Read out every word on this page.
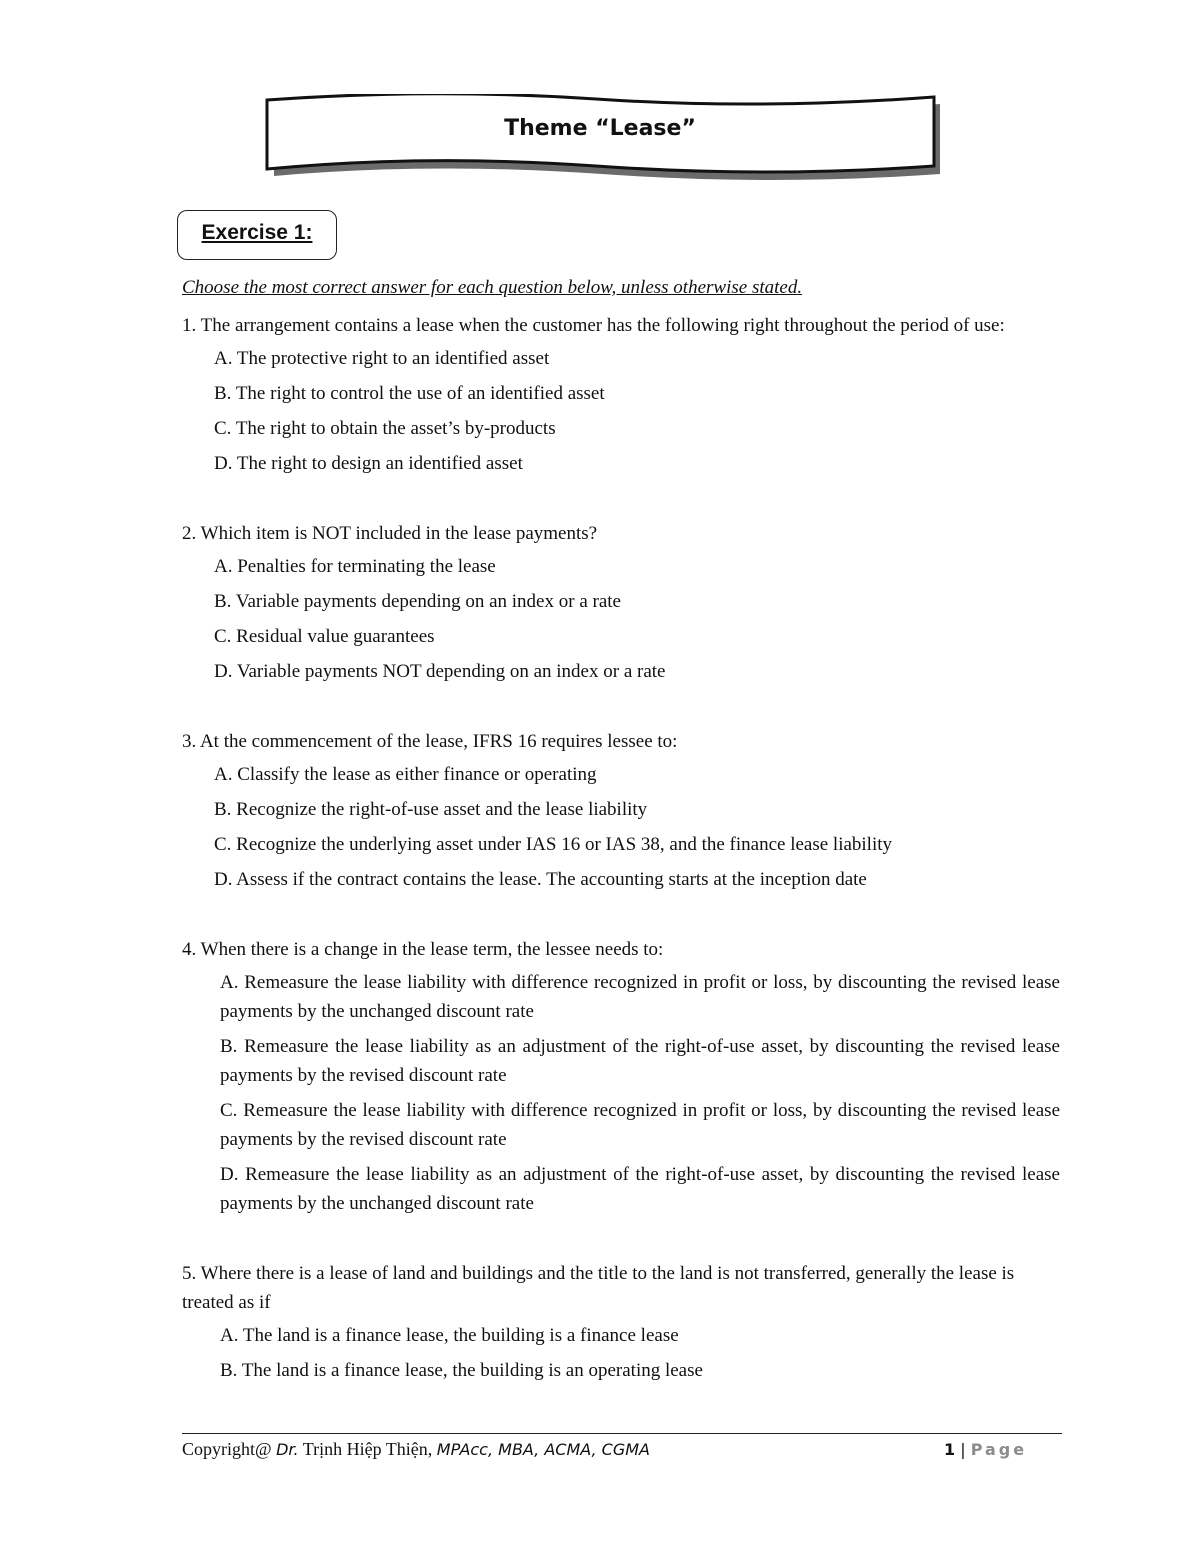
Theme “Lease”
Exercise 1:
Choose the most correct answer for each question below, unless otherwise stated.
1. The arrangement contains a lease when the customer has the following right throughout the period of use:
A. The protective right to an identified asset
B. The right to control the use of an identified asset
C. The right to obtain the asset’s by-products
D. The right to design an identified asset
2. Which item is NOT included in the lease payments?
A. Penalties for terminating the lease
B. Variable payments depending on an index or a rate
C. Residual value guarantees
D. Variable payments NOT depending on an index or a rate
3. At the commencement of the lease, IFRS 16 requires lessee to:
A. Classify the lease as either finance or operating
B. Recognize the right-of-use asset and the lease liability
C. Recognize the underlying asset under IAS 16 or IAS 38, and the finance lease liability
D. Assess if the contract contains the lease. The accounting starts at the inception date
4. When there is a change in the lease term, the lessee needs to:
A. Remeasure the lease liability with difference recognized in profit or loss, by discounting the revised lease payments by the unchanged discount rate
B. Remeasure the lease liability as an adjustment of the right-of-use asset, by discounting the revised lease payments by the revised discount rate
C. Remeasure the lease liability with difference recognized in profit or loss, by discounting the revised lease payments by the revised discount rate
D. Remeasure the lease liability as an adjustment of the right-of-use asset, by discounting the revised lease payments by the unchanged discount rate
5. Where there is a lease of land and buildings and the title to the land is not transferred, generally the lease is treated as if
A. The land is a finance lease, the building is a finance lease
B. The land is a finance lease, the building is an operating lease
Copyright@ Dr. Trịnh Hiệp Thiện, MPAcc, MBA, ACMA, CGMA	1 | Page
